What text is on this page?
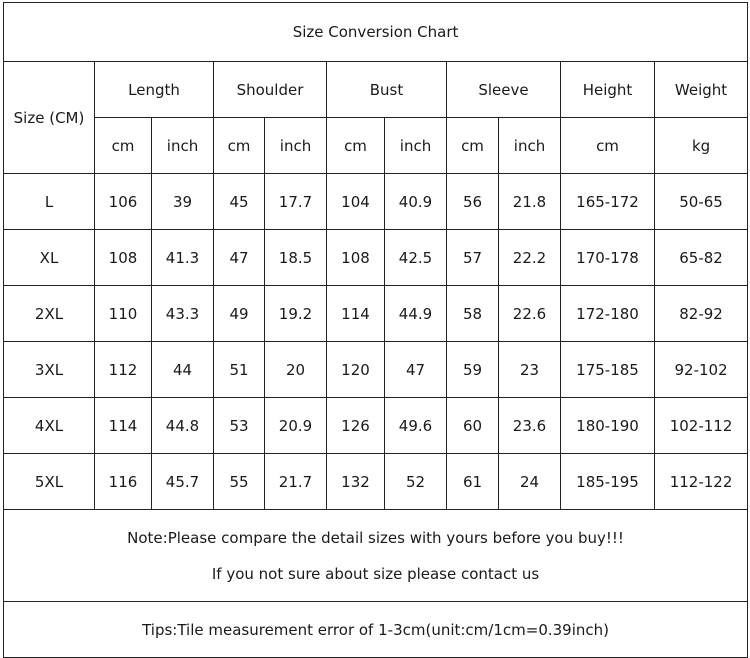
Size Conversion Chart										
Size (CM)	Length		Shoulder		Bust		Sleeve		Height	Weight
	cm	inch	cm	inch	cm	inch	cm	inch	cm	kg
L	106	39	45	17.7	104	40.9	56	21.8	165-172	50-65
XL	108	41.3	47	18.5	108	42.5	57	22.2	170-178	65-82
2XL	110	43.3	49	19.2	114	44.9	58	22.6	172-180	82-92
3XL	112	44	51	20	120	47	59	23	175-185	92-102
4XL	114	44.8	53	20.9	126	49.6	60	23.6	180-190	102-112
5XL	116	45.7	55	21.7	132	52	61	24	185-195	112-122

Note:Please compare the detail sizes with yours before you buy!!!
If you not sure about size please contact us										

Tips:Tile measurement error of 1-3cm(unit:cm/1cm=0.39inch)										
